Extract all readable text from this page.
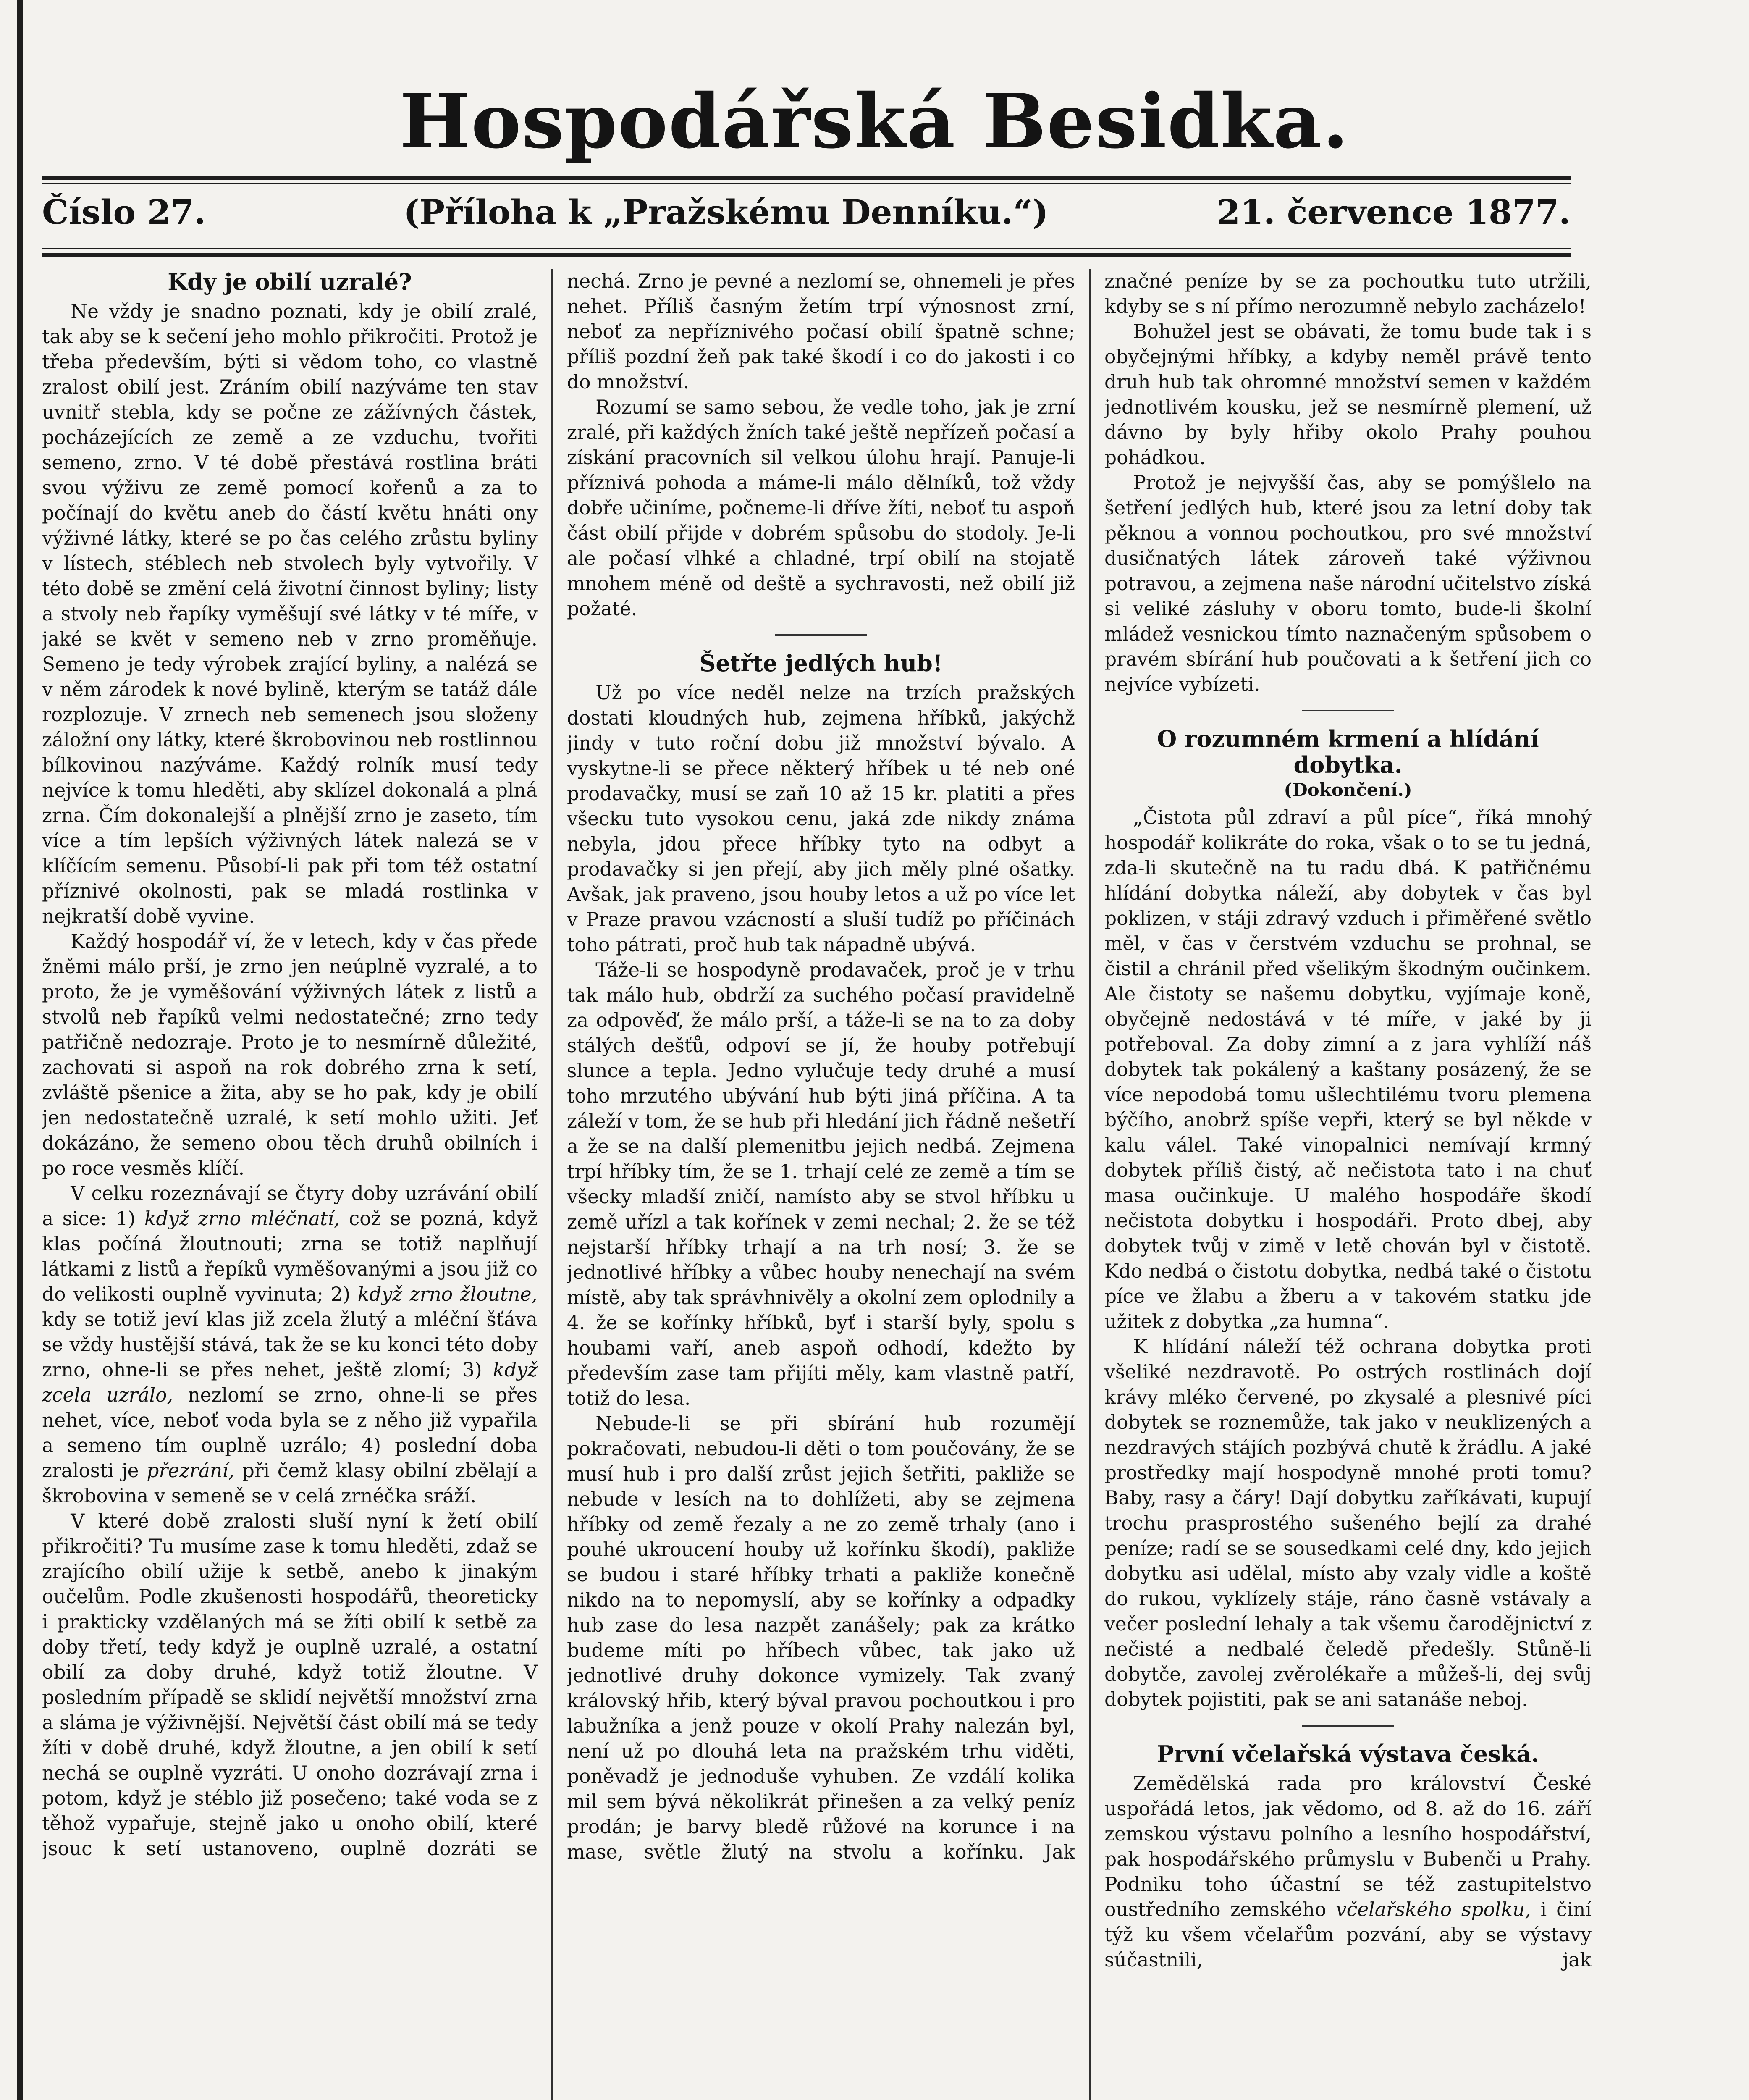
Hospodářská Besidka.
Číslo 27.	(Příloha k „Pražskému Denníku.“)	21. července 1877.
Kdy je obilí uzralé?

Ne vždy je snadno poznati, kdy je obilí zralé, tak aby se k sečení jeho mohlo přikročiti. Protož je třeba především, býti si vědom toho, co vlastně zralost obilí jest. Zráním obilí nazýváme ten stav uvnitř stebla, kdy se počne ze zážívných částek, pocházejících ze země a ze vzduchu, tvořiti semeno, zrno. V té době přestává rostlina bráti svou výživu ze země pomocí kořenů a za to počínají do květu aneb do částí květu hnáti ony výživné látky, které se po čas celého zrůstu byliny v lístech, stéblech neb stvolech byly vytvořily. V této době se změní celá životní činnost byliny; listy a stvoly neb řapíky vyměšují své látky v té míře, v jaké se květ v semeno neb v zrno proměňuje. Semeno je tedy výrobek zrající byliny, a nalézá se v něm zárodek k nové bylině, kterým se tatáž dále rozplozuje. V zrnech neb semenech jsou složeny záložní ony látky, které škrobovinou neb rostlinnou bílkovinou nazýváme. Každý rolník musí tedy nejvíce k tomu hleděti, aby sklízel dokonalá a plná zrna. Čím dokonalejší a plnější zrno je zaseto, tím více a tím lepších výživných látek nalezá se v klíčícím semenu. Působí-li pak při tom též ostatní příznivé okolnosti, pak se mladá rostlinka v nejkratší době vyvine.

Každý hospodář ví, že v letech, kdy v čas přede žněmi málo prší, je zrno jen neúplně vyzralé, a to proto, že je vyměšování výživných látek z listů a stvolů neb řapíků velmi nedostatečné; zrno tedy patřičně nedozraje. Proto je to nesmírně důležité, zachovati si aspoň na rok dobrého zrna k setí, zvláště pšenice a žita, aby se ho pak, kdy je obilí jen nedostatečně uzralé, k setí mohlo užiti. Jeť dokázáno, že semeno obou těch druhů obilních i po roce vesměs klíčí.

V celku rozeznávají se čtyry doby uzrávání obilí a sice: 1) když zrno mléčnatí, což se pozná, když klas počíná žloutnouti; zrna se totiž naplňují látkami z listů a řepíků vyměšovanými a jsou již co do velikosti ouplně vyvinuta; 2) když zrno žloutne, kdy se totiž jeví klas již zcela žlutý a mléční šťáva se vždy hustější stává, tak že se ku konci této doby zrno, ohne-li se přes nehet, ještě zlomí; 3) když zcela uzrálo, nezlomí se zrno, ohne-li se přes nehet, více, neboť voda byla se z něho již vypařila a semeno tím ouplně uzrálo; 4) poslední doba zralosti je přezrání, při čemž klasy obilní zbělají a škrobovina v semeně se v celá zrnéčka sráží.

V které době zralosti sluší nyní k žetí obilí přikročiti? Tu musíme zase k tomu hleděti, zdaž se zrajícího obilí užije k setbě, anebo k jinakým oučelům. Podle zkušenosti hospodářů, theoreticky i prakticky vzdělaných má se žíti obilí k setbě za doby třetí, tedy když je ouplně uzralé, a ostatní obilí za doby druhé, když totiž žloutne. V posledním případě se sklidí největší množství zrna a sláma je výživnější. Největší část obilí má se tedy žíti v době druhé, když žloutne, a jen obilí k setí nechá se ouplně vyzráti. U onoho dozrávají zrna i potom, když je stéblo již posečeno; také voda se z těhož vypařuje, stejně jako u onoho obilí, které jsouc k setí ustanoveno, ouplně dozráti se

nechá. Zrno je pevné a nezlomí se, ohnemeli je přes nehet. Příliš časným žetím trpí výnosnost zrní, neboť za nepříznivého počasí obilí špatně schne; příliš pozdní žeň pak také škodí i co do jakosti i co do množství.

Rozumí se samo sebou, že vedle toho, jak je zrní zralé, při každých žních také ještě nepřízeň počasí a získání pracovních sil velkou úlohu hrají. Panuje-li příznivá pohoda a máme-li málo dělníků, tož vždy dobře učiníme, počneme-li dříve žíti, neboť tu aspoň část obilí přijde v dobrém spůsobu do stodoly. Je-li ale počasí vlhké a chladné, trpí obilí na stojatě mnohem méně od deště a sychravosti, než obilí již požaté.

Šetřte jedlých hub!

Už po více neděl nelze na trzích pražských dostati kloudných hub, zejmena hříbků, jakýchž jindy v tuto roční dobu již množství bývalo. A vyskytne-li se přece některý hříbek u té neb oné prodavačky, musí se zaň 10 až 15 kr. platiti a přes všecku tuto vysokou cenu, jaká zde nikdy známa nebyla, jdou přece hříbky tyto na odbyt a prodavačky si jen přejí, aby jich měly plné ošatky. Avšak, jak praveno, jsou houby letos a už po více let v Praze pravou vzácností a sluší tudíž po příčinách toho pátrati, proč hub tak nápadně ubývá.

Táže-li se hospodyně prodavaček, proč je v trhu tak málo hub, obdrží za suchého počasí pravidelně za odpověď, že málo prší, a táže-li se na to za doby stálých dešťů, odpoví se jí, že houby potřebují slunce a tepla. Jedno vylučuje tedy druhé a musí toho mrzutého ubývání hub býti jiná příčina. A ta záleží v tom, že se hub při hledání jich řádně nešetří a že se na další plemenitbu jejich nedbá. Zejmena trpí hříbky tím, že se 1. trhají celé ze země a tím se všecky mladší zničí, namísto aby se stvol hříbku u země uřízl a tak kořínek v zemi nechal; 2. že se též nejstarší hříbky trhají a na trh nosí; 3. že se jednotlivé hříbky a vůbec houby nenechají na svém místě, aby tak správhnivěly a okolní zem oplodnily a 4. že se kořínky hříbků, byť i starší byly, spolu s houbami vaří, aneb aspoň odhodí, kdežto by především zase tam přijíti měly, kam vlastně patří, totiž do lesa.

Nebude-li se při sbírání hub rozumějí pokračovati, nebudou-li děti o tom poučovány, že se musí hub i pro další zrůst jejich šetřiti, pakliže se nebude v lesích na to dohlížeti, aby se zejmena hříbky od země řezaly a ne zo země trhaly (ano i pouhé ukroucení houby už kořínku škodí), pakliže se budou i staré hříbky trhati a pakliže konečně nikdo na to nepomyslí, aby se kořínky a odpadky hub zase do lesa nazpět zanášely; pak za krátko budeme míti po hříbech vůbec, tak jako už jednotlivé druhy dokonce vymizely. Tak zvaný královský hřib, který býval pravou pochoutkou i pro labužníka a jenž pouze v okolí Prahy nalezán byl, není už po dlouhá leta na pražském trhu viděti, poněvadž je jednoduše vyhuben. Ze vzdálí kolika mil sem bývá několikrát přinešen a za velký peníz prodán; je barvy bledě růžové na korunce i na mase, světle žlutý na stvolu a kořínku. Jak

značné peníze by se za pochoutku tuto utržili, kdyby se s ní přímo nerozumně nebylo zacházelo!

Bohužel jest se obávati, že tomu bude tak i s obyčejnými hříbky, a kdyby neměl právě tento druh hub tak ohromné množství semen v každém jednotlivém kousku, jež se nesmírně plemení, už dávno by byly hřiby okolo Prahy pouhou pohádkou.

Protož je nejvyšší čas, aby se pomýšlelo na šetření jedlých hub, které jsou za letní doby tak pěknou a vonnou pochoutkou, pro své množství dusičnatých látek zároveň také výživnou potravou, a zejmena naše národní učitelstvo získá si veliké zásluhy v oboru tomto, bude-li školní mládež vesnickou tímto naznačeným spůsobem o pravém sbírání hub poučovati a k šetření jich co nejvíce vybízeti.

O rozumném krmení a hlídání dobytka.
(Dokončení.)

„Čistota půl zdraví a půl píce“, říká mnohý hospodář kolikráte do roka, však o to se tu jedná, zda-li skutečně na tu radu dbá. K patřičnému hlídání dobytka náleží, aby dobytek v čas byl poklizen, v stáji zdravý vzduch i přiměřené světlo měl, v čas v čerstvém vzduchu se prohnal, se čistil a chránil před všelikým škodným oučinkem. Ale čistoty se našemu dobytku, vyjímaje koně, obyčejně nedostává v té míře, v jaké by ji potřeboval. Za doby zimní a z jara vyhlíží náš dobytek tak pokálený a kaštany posázený, že se více nepodobá tomu ušlechtilému tvoru plemena býčího, anobrž spíše vepři, který se byl někde v kalu válel. Také vinopalnici nemívají krmný dobytek příliš čistý, ač nečistota tato i na chuť masa oučinkuje. U malého hospodáře škodí nečistota dobytku i hospodáři. Proto dbej, aby dobytek tvůj v zimě v letě chován byl v čistotě. Kdo nedbá o čistotu dobytka, nedbá také o čistotu píce ve žlabu a žberu a v takovém statku jde užitek z dobytka „za humna“.

K hlídání náleží též ochrana dobytka proti všeliké nezdravotě. Po ostrých rostlinách dojí krávy mléko červené, po zkysalé a plesnivé píci dobytek se roznemůže, tak jako v neuklizených a nezdravých stájích pozbývá chutě k žrádlu. A jaké prostředky mají hospodyně mnohé proti tomu? Baby, rasy a čáry! Dají dobytku zaříkávati, kupují trochu prasprostého sušeného bejlí za drahé peníze; radí se se sousedkami celé dny, kdo jejich dobytku asi udělal, místo aby vzaly vidle a koště do rukou, vyklízely stáje, ráno časně vstávaly a večer poslední lehaly a tak všemu čarodějnictví z nečisté a nedbalé čeledě předešly. Stůně-li dobytče, zavolej zvěrolékaře a můžeš-li, dej svůj dobytek pojistiti, pak se ani satanáše neboj.

První včelařská výstava česká.

Zemědělská rada pro království České uspořádá letos, jak vědomo, od 8. až do 16. září zemskou výstavu polního a lesního hospodářství, pak hospodářského průmyslu v Bubenči u Prahy. Podniku toho účastní se též zastupitelstvo oustředního zemského včelařského spolku, i činí týž ku všem včelařům pozvání, aby se výstavy súčastnili, jak
